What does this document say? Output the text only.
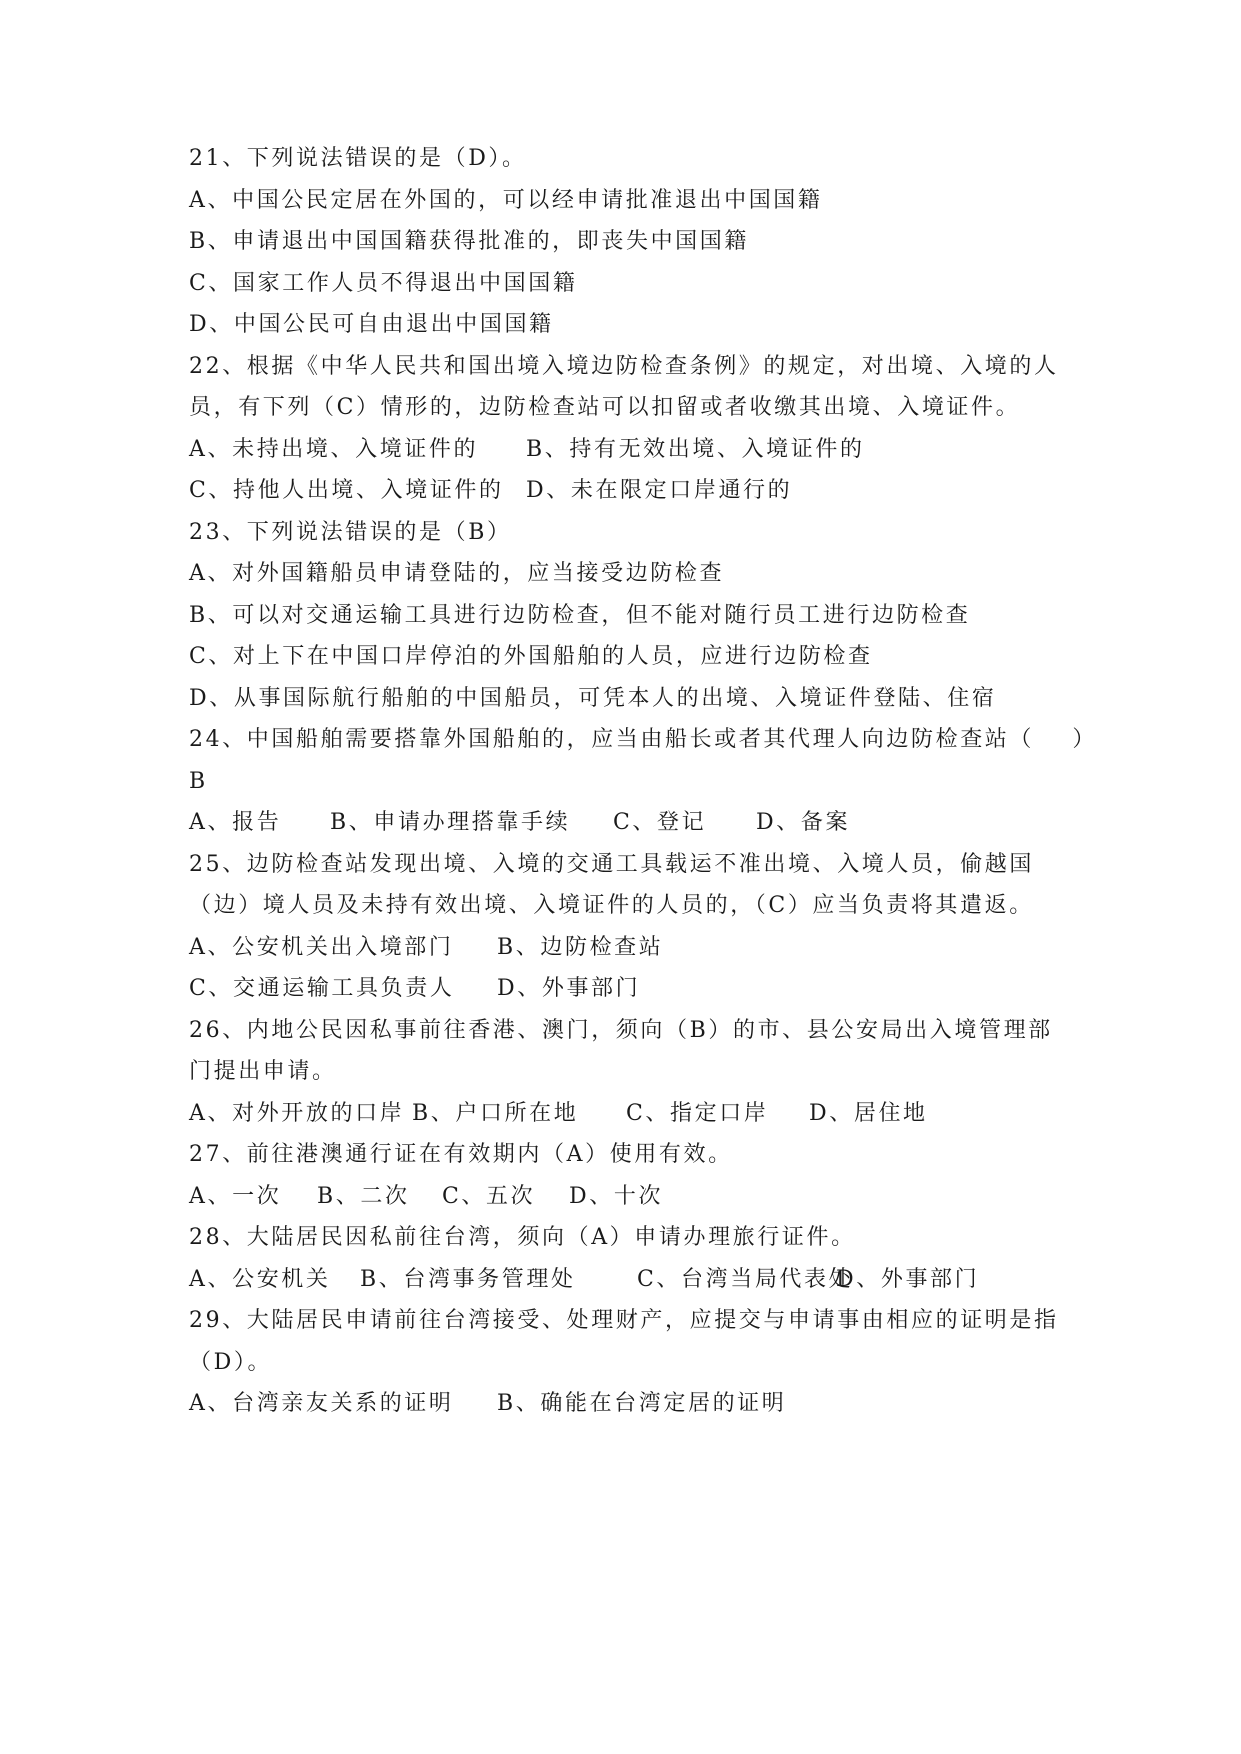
21、下列说法错误的是（D）。
A、中国公民定居在外国的，可以经申请批准退出中国国籍
B、申请退出中国国籍获得批准的，即丧失中国国籍
C、国家工作人员不得退出中国国籍
D、中国公民可自由退出中国国籍
22、根据《中华人民共和国出境入境边防检查条例》的规定，对出境、入境的人
员，有下列（C）情形的，边防检查站可以扣留或者收缴其出境、入境证件。
A、未持出境、入境证件的 B、持有无效出境、入境证件的
C、持他人出境、入境证件的 D、未在限定口岸通行的
23、下列说法错误的是（B）
A、对外国籍船员申请登陆的，应当接受边防检查
B、可以对交通运输工具进行边防检查，但不能对随行员工进行边防检查
C、对上下在中国口岸停泊的外国船舶的人员，应进行边防检查
D、从事国际航行船舶的中国船员，可凭本人的出境、入境证件登陆、住宿
24、中国船舶需要搭靠外国船舶的，应当由船长或者其代理人向边防检查站（    ）
B
A、报告 B、申请办理搭靠手续 C、登记 D、备案
25、边防检查站发现出境、入境的交通工具载运不准出境、入境人员，偷越国
（边）境人员及未持有效出境、入境证件的人员的，（C）应当负责将其遣返。
A、公安机关出入境部门 B、边防检查站
C、交通运输工具负责人 D、外事部门
26、内地公民因私事前往香港、澳门，须向（B）的市、县公安局出入境管理部
门提出申请。
A、对外开放的口岸 B、户口所在地 C、指定口岸 D、居住地
27、前往港澳通行证在有效期内（A）使用有效。
A、一次 B、二次 C、五次 D、十次
28、大陆居民因私前往台湾，须向（A）申请办理旅行证件。
A、公安机关 B、台湾事务管理处	C、台湾当局代表处
D、外事部门
29、大陆居民申请前往台湾接受、处理财产，应提交与申请事由相应的证明是指
（D）。
A、台湾亲友关系的证明 B、确能在台湾定居的证明
